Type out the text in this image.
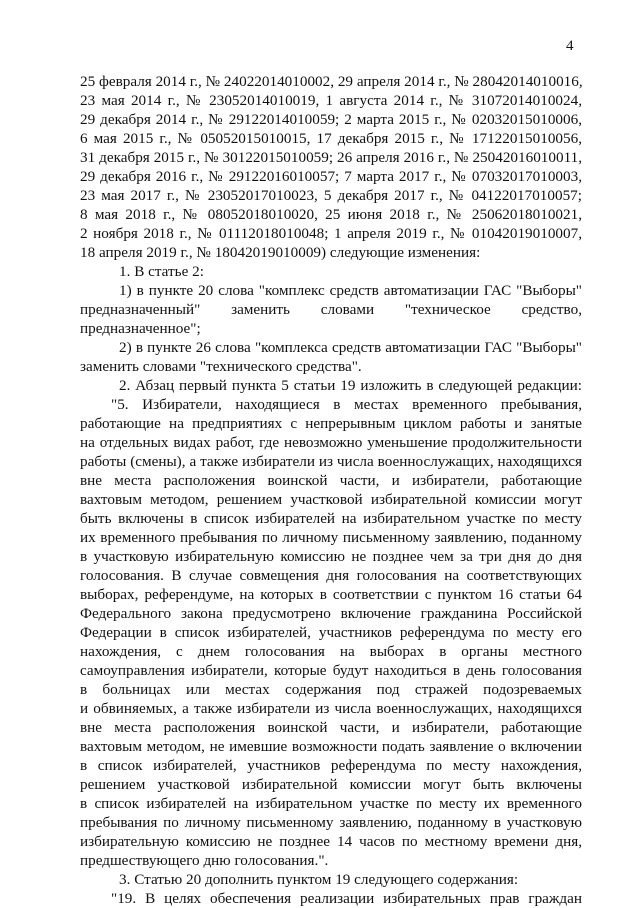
4
25 февраля 2014 г., № 24022014010002, 29 апреля 2014 г., № 28042014010016,
23 мая 2014 г., № 23052014010019, 1 августа 2014 г., № 31072014010024,
29 декабря 2014 г., № 29122014010059; 2 марта 2015 г., № 02032015010006,
6 мая 2015 г., № 05052015010015, 17 декабря 2015 г., № 17122015010056,
31 декабря 2015 г., № 30122015010059; 26 апреля 2016 г., № 25042016010011,
29 декабря 2016 г., № 29122016010057; 7 марта 2017 г., № 07032017010003,
23 мая 2017 г., № 23052017010023, 5 декабря 2017 г., № 04122017010057;
8 мая 2018 г., № 08052018010020, 25 июня 2018 г., № 25062018010021,
2 ноября 2018 г., № 01112018010048; 1 апреля 2019 г., № 01042019010007,
18 апреля 2019 г., № 18042019010009) следующие изменения:
1. В статье 2:
1) в пункте 20 слова "комплекс средств автоматизации ГАС "Выборы"
предназначенный" заменить словами "техническое средство,
предназначенное";
2) в пункте 26 слова "комплекса средств автоматизации ГАС "Выборы"
заменить словами "технического средства".
2. Абзац первый пункта 5 статьи 19 изложить в следующей редакции:
"5. Избиратели, находящиеся в местах временного пребывания,
работающие на предприятиях с непрерывным циклом работы и занятые
на отдельных видах работ, где невозможно уменьшение продолжительности
работы (смены), а также избиратели из числа военнослужащих, находящихся
вне места расположения воинской части, и избиратели, работающие
вахтовым методом, решением участковой избирательной комиссии могут
быть включены в список избирателей на избирательном участке по месту
их временного пребывания по личному письменному заявлению, поданному
в участковую избирательную комиссию не позднее чем за три дня до дня
голосования. В случае совмещения дня голосования на соответствующих
выборах, референдуме, на которых в соответствии с пунктом 16 статьи 64
Федерального закона предусмотрено включение гражданина Российской
Федерации в список избирателей, участников референдума по месту его
нахождения, с днем голосования на выборах в органы местного
самоуправления избиратели, которые будут находиться в день голосования
в больницах или местах содержания под стражей подозреваемых
и обвиняемых, а также избиратели из числа военнослужащих, находящихся
вне места расположения воинской части, и избиратели, работающие
вахтовым методом, не имевшие возможности подать заявление о включении
в список избирателей, участников референдума по месту нахождения,
решением участковой избирательной комиссии могут быть включены
в список избирателей на избирательном участке по месту их временного
пребывания по личному письменному заявлению, поданному в участковую
избирательную комиссию не позднее 14 часов по местному времени дня,
предшествующего дню голосования.".
3. Статью 20 дополнить пунктом 19 следующего содержания:
"19. В целях обеспечения реализации избирательных прав граждан
